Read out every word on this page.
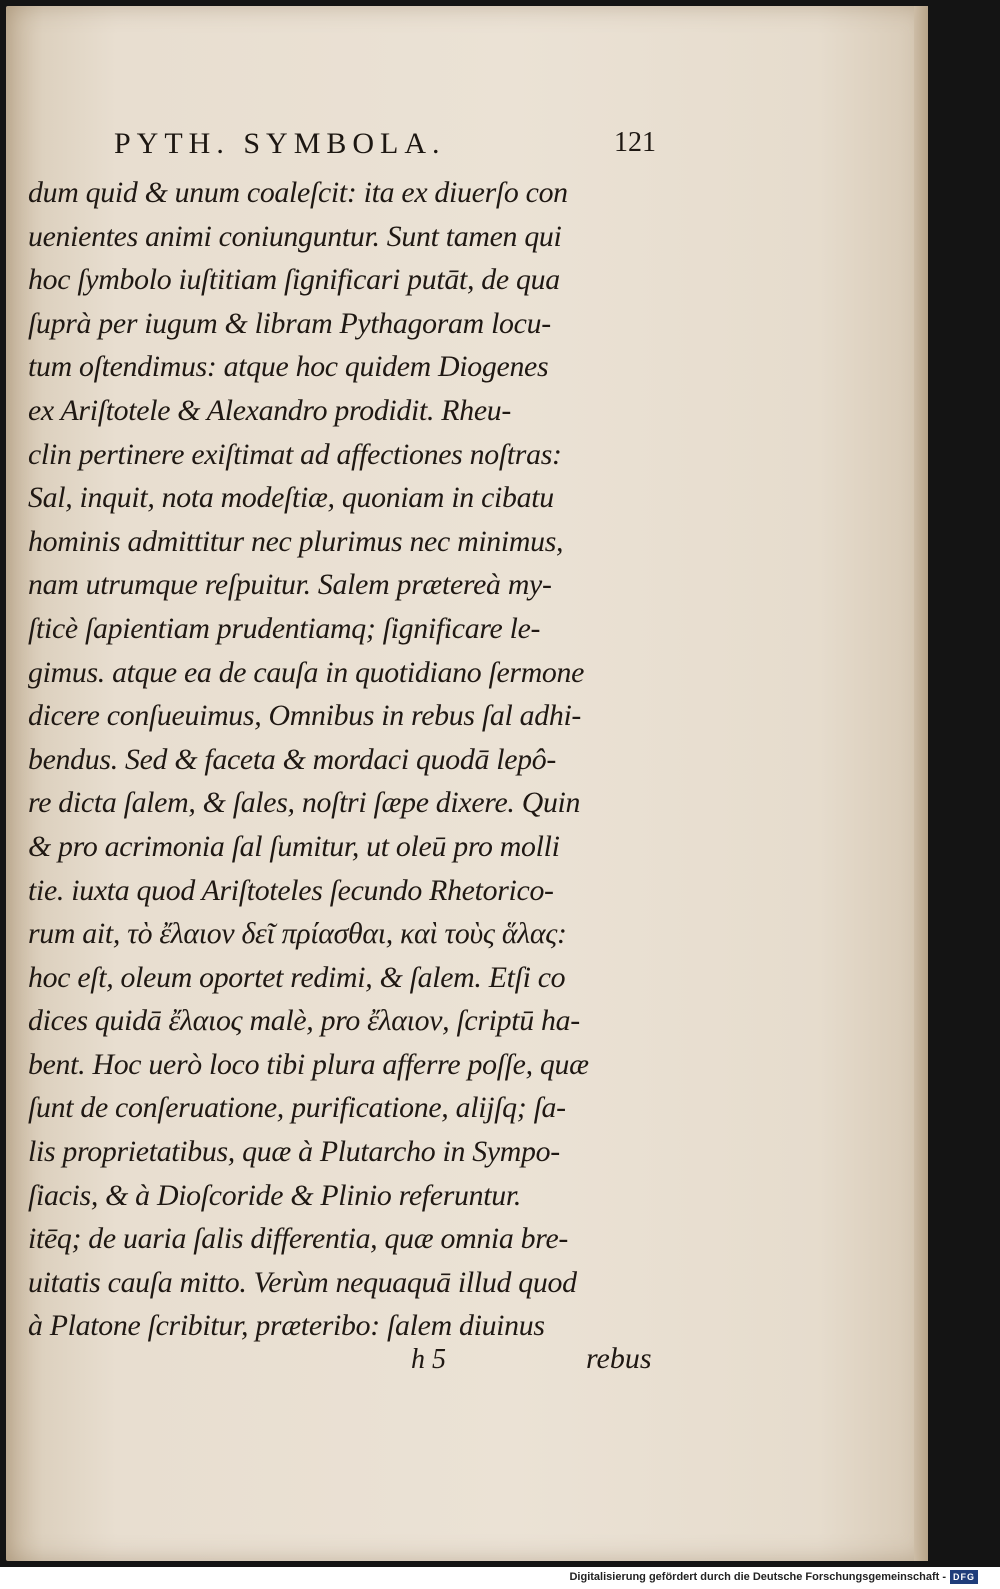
PYTH. SYMBOLA.	121
dum quid & unum coaleſcit: ita ex diuerſo con
uenientes animi coniunguntur. Sunt tamen qui
hoc ſymbolo iuſtitiam ſignificari putāt, de qua
ſuprà per iugum & libram Pythagoram locu-
tum oſtendimus: atque hoc quidem Diogenes
ex Ariſtotele & Alexandro prodidit. Rheu-
clin pertinere exiſtimat ad affectiones noſtras:
Sal, inquit, nota modeſtiæ, quoniam in cibatu
hominis admittitur nec plurimus nec minimus,
nam utrumque reſpuitur. Salem prætereà my-
ſticè ſapientiam prudentiamq; ſignificare le-
gimus. atque ea de cauſa in quotidiano ſermone
dicere conſueuimus, Omnibus in rebus ſal adhi-
bendus. Sed & faceta & mordaci quodā lepô-
re dicta ſalem, & ſales, noſtri ſæpe dixere. Quin
& pro acrimonia ſal ſumitur, ut oleū pro molli
tie. iuxta quod Ariſtoteles ſecundo Rhetorico-
rum ait, τὸ ἔλαιον δεῖ πρίασθαι, καὶ τοὺς ἅλας:
hoc eſt, oleum oportet redimi, & ſalem. Etſi co
dices quidā ἔλαιος malè, pro ἔλαιον, ſcriptū ha-
bent. Hoc uerò loco tibi plura afferre poſſe, quæ
ſunt de conſeruatione, purificatione, alijſq; ſa-
lis proprietatibus, quæ à Plutarcho in Sympo-
ſiacis, & à Dioſcoride & Plinio referuntur.
itēq; de uaria ſalis differentia, quæ omnia bre-
uitatis cauſa mitto. Verùm nequaquā illud quod
à Platone ſcribitur, præteribo: ſalem diuinus
h 5	rebus
Digitalisierung gefördert durch die Deutsche Forschungsgemeinschaft - DFG
